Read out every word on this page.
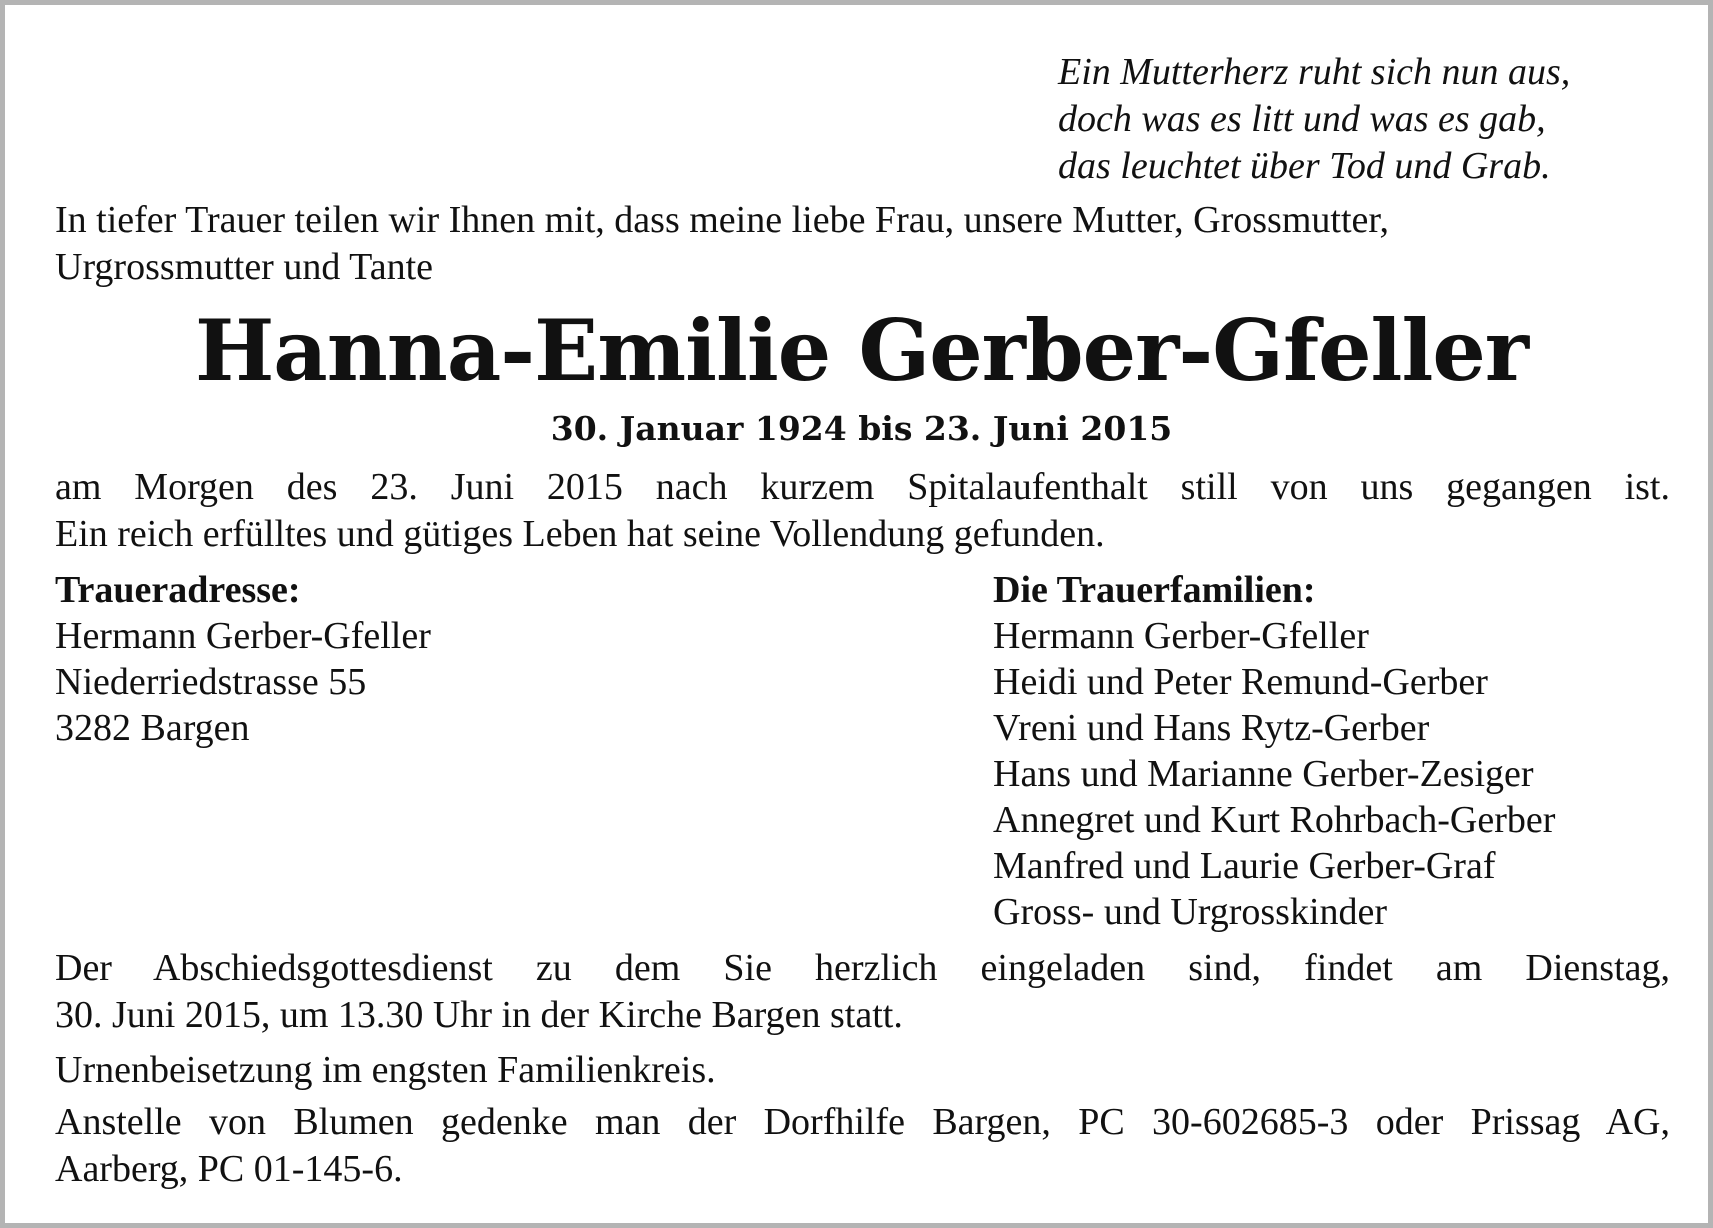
Ein Mutterherz ruht sich nun aus,
doch was es litt und was es gab,
das leuchtet über Tod und Grab.
In tiefer Trauer teilen wir Ihnen mit, dass meine liebe Frau, unsere Mutter, Grossmutter,
Urgrossmutter und Tante
Hanna-Emilie Gerber-Gfeller
30. Januar 1924 bis 23. Juni 2015
am Morgen des 23. Juni 2015 nach kurzem Spitalaufenthalt still von uns gegangen ist.
Ein reich erfülltes und gütiges Leben hat seine Vollendung gefunden.
Traueradresse:
Hermann Gerber-Gfeller
Niederriedstrasse 55
3282 Bargen
Die Trauerfamilien:
Hermann Gerber-Gfeller
Heidi und Peter Remund-Gerber
Vreni und Hans Rytz-Gerber
Hans und Marianne Gerber-Zesiger
Annegret und Kurt Rohrbach-Gerber
Manfred und Laurie Gerber-Graf
Gross- und Urgrosskinder
Der Abschiedsgottesdienst zu dem Sie herzlich eingeladen sind, findet am Dienstag,
30. Juni 2015, um 13.30 Uhr in der Kirche Bargen statt.
Urnenbeisetzung im engsten Familienkreis.
Anstelle von Blumen gedenke man der Dorfhilfe Bargen, PC 30-602685-3 oder Prissag AG,
Aarberg, PC 01-145-6.
